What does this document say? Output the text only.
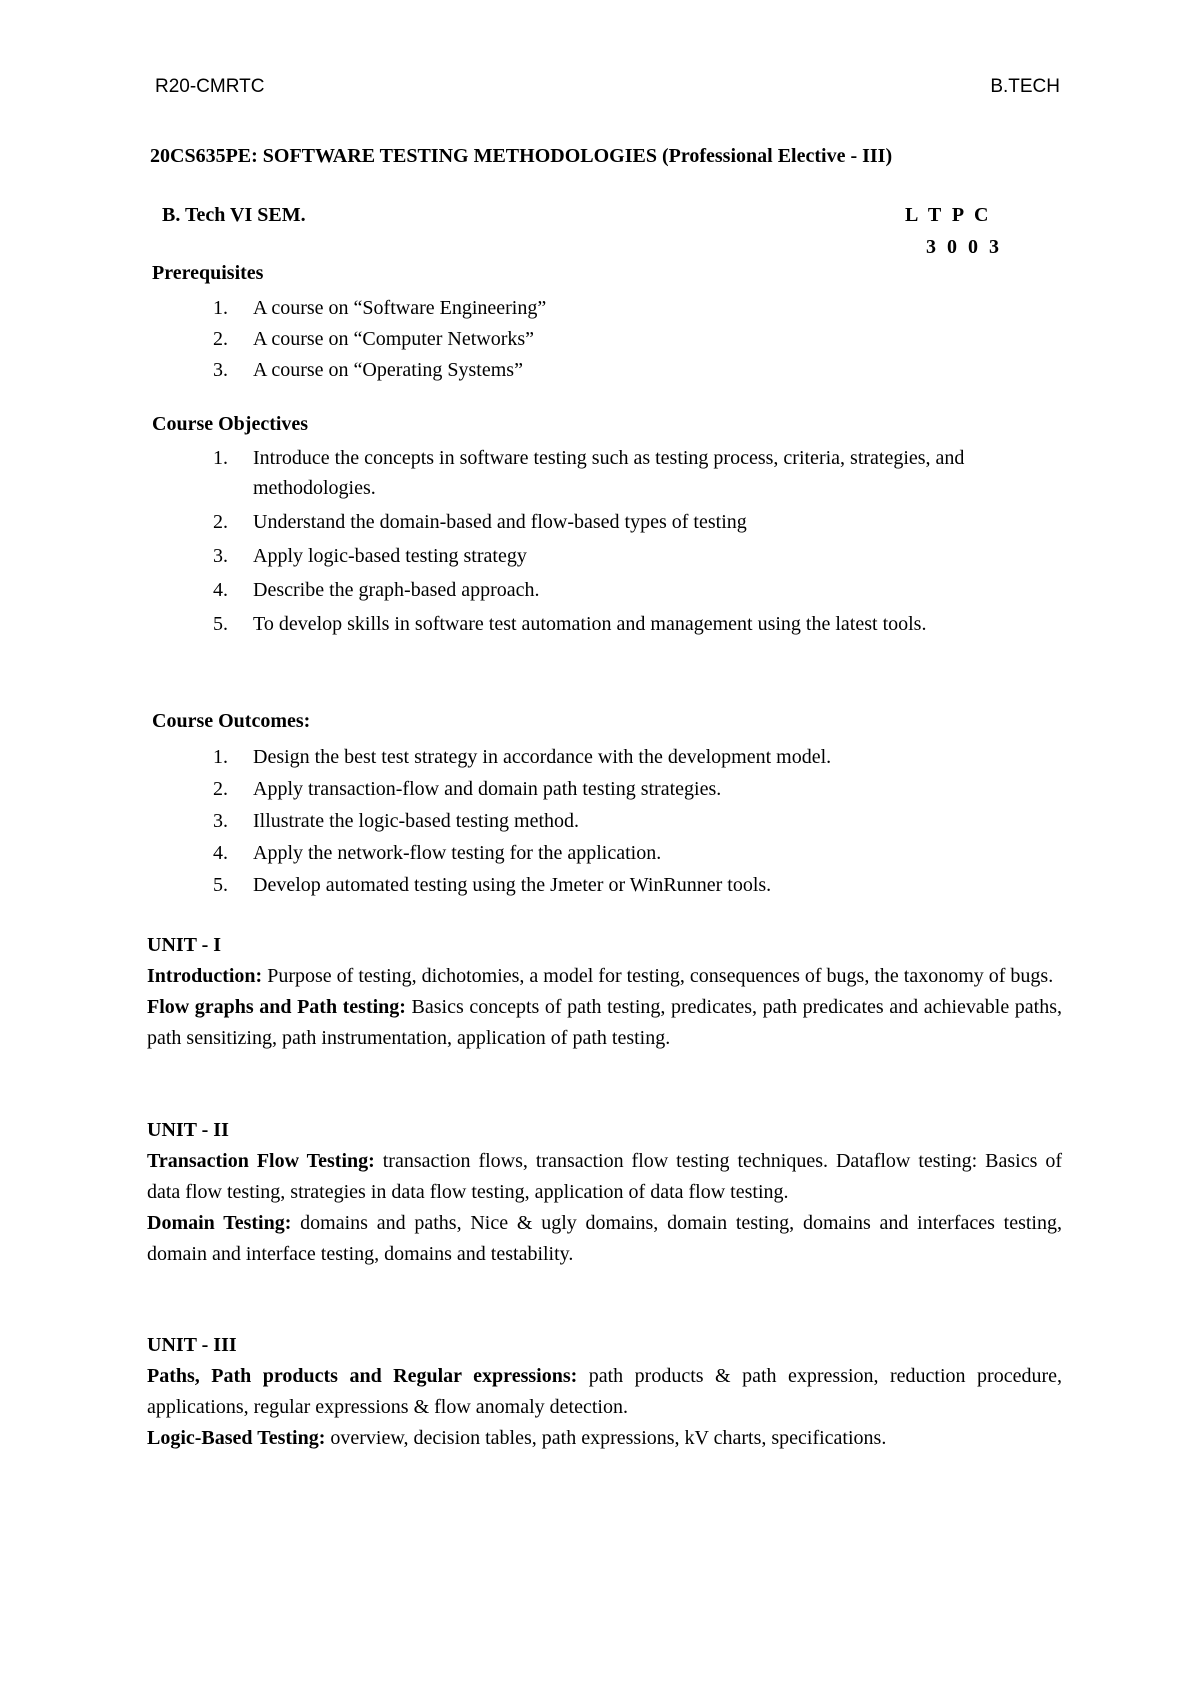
R20-CMRTC	B.TECH
20CS635PE: SOFTWARE TESTING METHODOLOGIES (Professional Elective - III)
B. Tech VI SEM.	L T P C
3 0 0 3
Prerequisites
1. A course on “Software Engineering”
2. A course on “Computer Networks”
3. A course on “Operating Systems”
Course Objectives
1. Introduce the concepts in software testing such as testing process, criteria, strategies, and methodologies.
2. Understand the domain-based and flow-based types of testing
3. Apply logic-based testing strategy
4. Describe the graph-based approach.
5. To develop skills in software test automation and management using the latest tools.
Course Outcomes:
1. Design the best test strategy in accordance with the development model.
2. Apply transaction-flow and domain path testing strategies.
3. Illustrate the logic-based testing method.
4. Apply the network-flow testing for the application.
5. Develop automated testing using the Jmeter or WinRunner tools.
UNIT - I
Introduction: Purpose of testing, dichotomies, a model for testing, consequences of bugs, the taxonomy of bugs.
Flow graphs and Path testing: Basics concepts of path testing, predicates, path predicates and achievable paths, path sensitizing, path instrumentation, application of path testing.
UNIT - II
Transaction Flow Testing: transaction flows, transaction flow testing techniques. Dataflow testing: Basics of data flow testing, strategies in data flow testing, application of data flow testing.
Domain Testing: domains and paths, Nice & ugly domains, domain testing, domains and interfaces testing, domain and interface testing, domains and testability.
UNIT - III
Paths, Path products and Regular expressions: path products & path expression, reduction procedure, applications, regular expressions & flow anomaly detection.
Logic-Based Testing: overview, decision tables, path expressions, kV charts, specifications.
